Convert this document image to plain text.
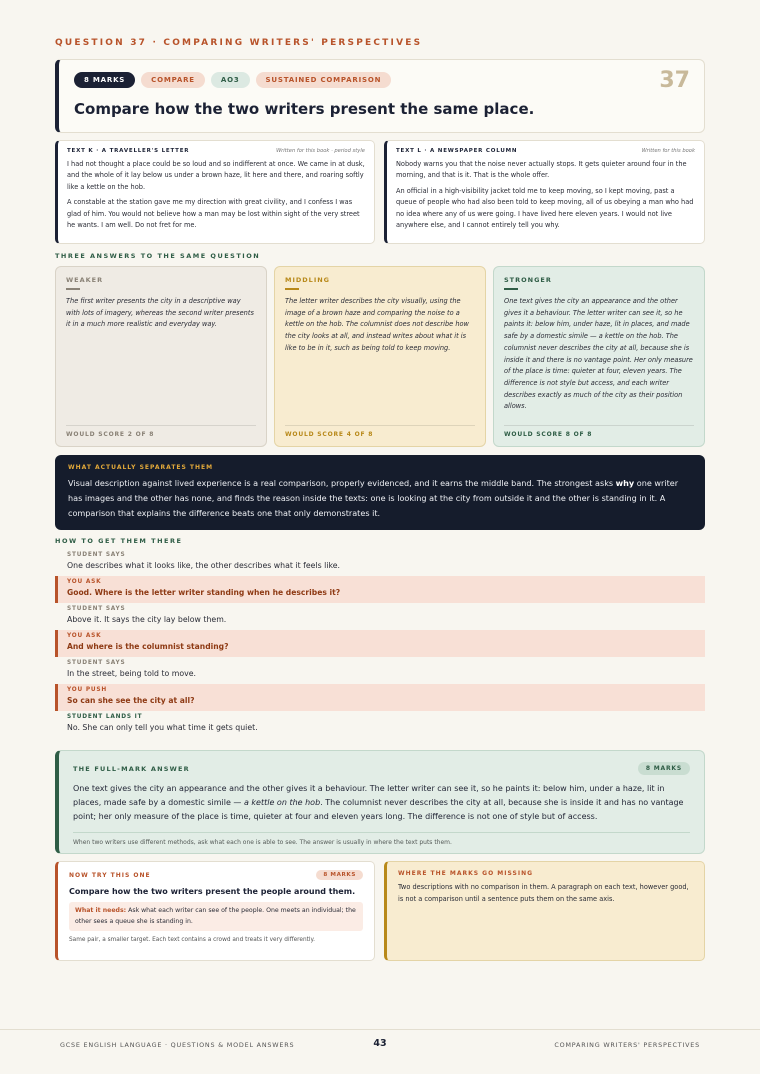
QUESTION 37 · COMPARING WRITERS' PERSPECTIVES
8 MARKS	COMPARE	AO3	SUSTAINED COMPARISON	37
Compare how the two writers present the same place.
TEXT K · A TRAVELLER'S LETTER	Written for this book · period style

I had not thought a place could be so loud and so indifferent at once. We came in at dusk, and the whole of it lay below us under a brown haze, lit here and there, and roaring softly like a kettle on the hob.

A constable at the station gave me my direction with great civility, and I confess I was glad of him. You would not believe how a man may be lost within sight of the very street he wants. I am well. Do not fret for me.

TEXT L · A NEWSPAPER COLUMN	Written for this book

Nobody warns you that the noise never actually stops. It gets quieter around four in the morning, and that is it. That is the whole offer.

An official in a high-visibility jacket told me to keep moving, so I kept moving, past a queue of people who had also been told to keep moving, all of us obeying a man who had no idea where any of us were going. I have lived here eleven years. I would not live anywhere else, and I cannot entirely tell you why.

THREE ANSWERS TO THE SAME QUESTION
WEAKER
The first writer presents the city in a descriptive way with lots of imagery, whereas the second writer presents it in a much more realistic and everyday way.
WOULD SCORE 2 OF 8
MIDDLING
The letter writer describes the city visually, using the image of a brown haze and comparing the noise to a kettle on the hob. The columnist does not describe how the city looks at all, and instead writes about what it is like to be in it, such as being told to keep moving.
WOULD SCORE 4 OF 8
STRONGER
One text gives the city an appearance and the other gives it a behaviour. The letter writer can see it, so he paints it: below him, under haze, lit in places, and made safe by a domestic simile — a kettle on the hob. The columnist never describes the city at all, because she is inside it and there is no vantage point. Her only measure of the place is time: quieter at four, eleven years. The difference is not style but access, and each writer describes exactly as much of the city as their position allows.
WOULD SCORE 8 OF 8
WHAT ACTUALLY SEPARATES THEM
Visual description against lived experience is a real comparison, properly evidenced, and it earns the middle band. The strongest asks why one writer has images and the other has none, and finds the reason inside the texts: one is looking at the city from outside it and the other is standing in it. A comparison that explains the difference beats one that only demonstrates it.
HOW TO GET THEM THERE
STUDENT SAYS
One describes what it looks like, the other describes what it feels like.
YOU ASK
Good. Where is the letter writer standing when he describes it?
STUDENT SAYS
Above it. It says the city lay below them.
YOU ASK
And where is the columnist standing?
STUDENT SAYS
In the street, being told to move.
YOU PUSH
So can she see the city at all?
STUDENT LANDS IT
No. She can only tell you what time it gets quiet.
THE FULL-MARK ANSWER	8 MARKS
One text gives the city an appearance and the other gives it a behaviour. The letter writer can see it, so he paints it: below him, under a haze, lit in places, made safe by a domestic simile — a kettle on the hob. The columnist never describes the city at all, because she is inside it and has no vantage point; her only measure of the place is time, quieter at four and eleven years long. The difference is not one of style but of access.
When two writers use different methods, ask what each one is able to see. The answer is usually in where the text puts them.
NOW TRY THIS ONE	8 MARKS
Compare how the two writers present the people around them.
What it needs: Ask what each writer can see of the people. One meets an individual; the other sees a queue she is standing in.
Same pair, a smaller target. Each text contains a crowd and treats it very differently.
WHERE THE MARKS GO MISSING
Two descriptions with no comparison in them. A paragraph on each text, however good, is not a comparison until a sentence puts them on the same axis.
GCSE ENGLISH LANGUAGE · QUESTIONS & MODEL ANSWERS	43	COMPARING WRITERS' PERSPECTIVES
